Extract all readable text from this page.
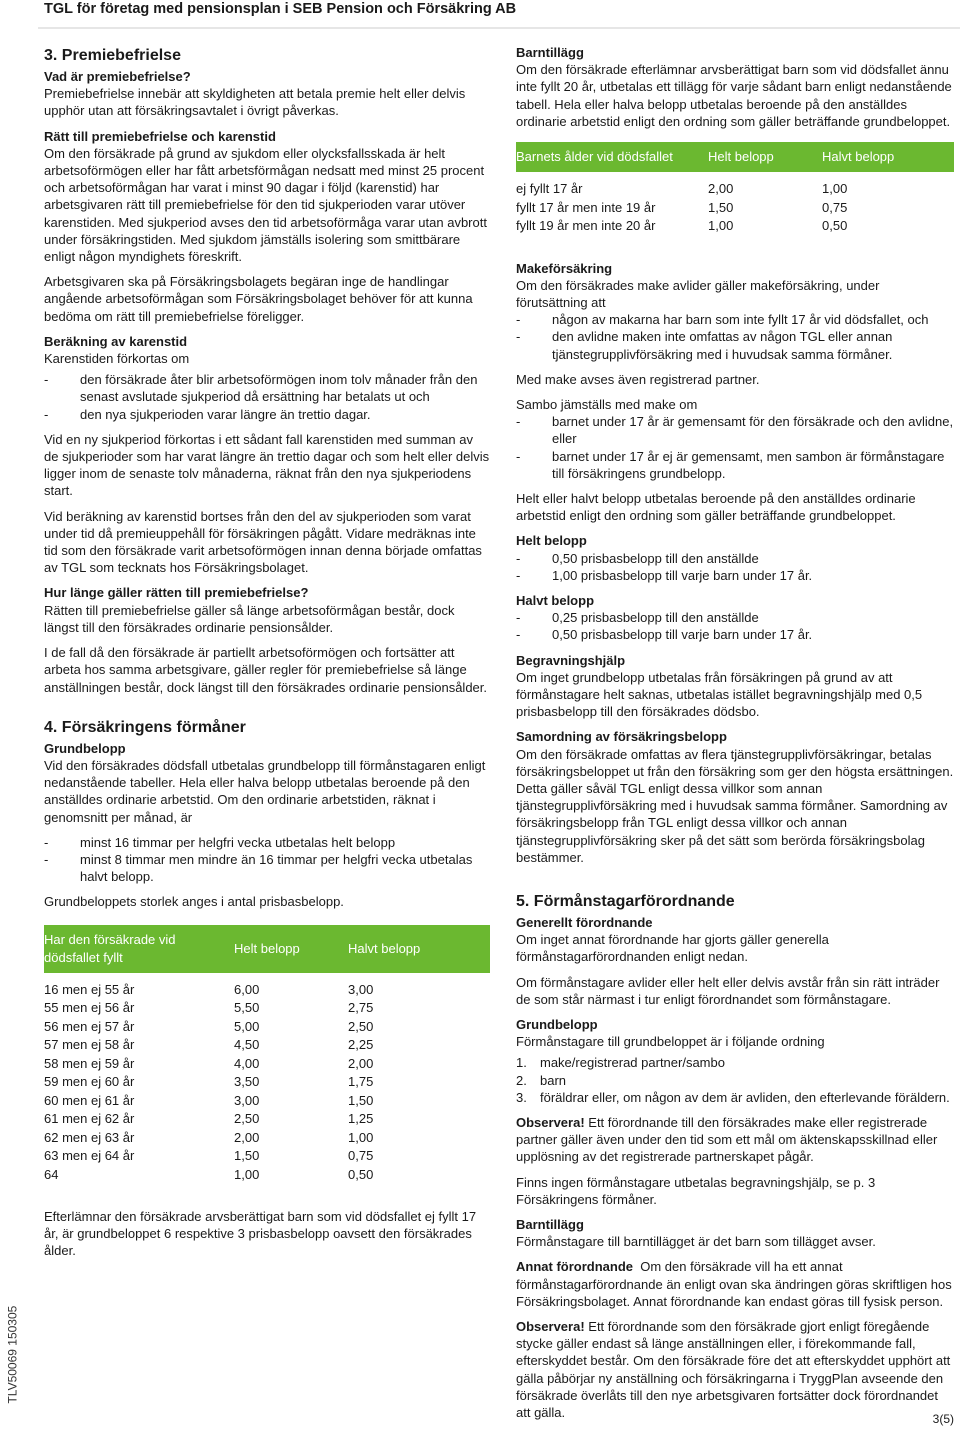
TGL för företag med pensionsplan i SEB Pension och Försäkring AB
3. Premiebefrielse
Vad är premiebefrielse?

Premiebefrielse innebär att skyldigheten att betala premie helt eller delvis upphör utan att försäkringsavtalet i övrigt påverkas.

Rätt till premiebefrielse och karenstid

Om den försäkrade på grund av sjukdom eller olycksfallsskada är helt arbetsoförmögen eller har fått arbetsförmågan nedsatt med minst 25 procent och arbetsoförmågan har varat i minst 90 dagar i följd (karenstid) har arbetsgivaren rätt till premiebefrielse för den tid sjukperioden varar utöver karenstiden. Med sjukperiod avses den tid arbetsoförmåga varar utan avbrott under försäkringstiden. Med sjukdom jämställs isolering som smittbärare enligt någon myndighets föreskrift.

Arbetsgivaren ska på Försäkringsbolagets begäran inge de handlingar angående arbetsoförmågan som Försäkringsbolaget behöver för att kunna bedöma om rätt till premiebefrielse föreligger.

Beräkning av karenstid

Karenstiden förkortas om

- den försäkrade åter blir arbetsoförmögen inom tolv månader från den senast avslutade sjukperiod då ersättning har betalats ut och
- den nya sjukperioden varar längre än trettio dagar.

Vid en ny sjukperiod förkortas i ett sådant fall karenstiden med summan av de sjukperioder som har varat längre än trettio dagar och som helt eller delvis ligger inom de senaste tolv månaderna, räknat från den nya sjukperiodens start.

Vid beräkning av karenstid bortses från den del av sjukperioden som varat under tid då premieuppehåll för försäkringen pågått. Vidare medräknas inte tid som den försäkrade varit arbetsoförmögen innan denna började omfattas av TGL som tecknats hos Försäkringsbolaget.

Hur länge gäller rätten till premiebefrielse?

Rätten till premiebefrielse gäller så länge arbetsoförmågan består, dock längst till den försäkrades ordinarie pensionsålder.

I de fall då den försäkrade är partiellt arbetsoförmögen och fortsätter att arbeta hos samma arbetsgivare, gäller regler för premiebefrielse så länge anställningen består, dock längst till den försäkrades ordinarie pensionsålder.

4. Försäkringens förmåner
Grundbelopp

Vid den försäkrades dödsfall utbetalas grundbelopp till förmånstagaren enligt nedanstående tabeller. Hela eller halva belopp utbetalas beroende på den anställdes ordinarie arbetstid. Om den ordinarie arbetstiden, räknat i genomsnitt per månad, är

- minst 16 timmar per helgfri vecka utbetalas helt belopp
- minst 8 timmar men mindre än 16 timmar per helgfri vecka utbetalas halvt belopp.

Grundbeloppets storlek anges i antal prisbasbelopp.

Har den försäkrade vid dödsfallet fyllt	Helt belopp	Halvt belopp
16 men ej 55 år	6,00	3,00
55 men ej 56 år	5,50	2,75
56 men ej 57 år	5,00	2,50
57 men ej 58 år	4,50	2,25
58 men ej 59 år	4,00	2,00
59 men ej 60 år	3,50	1,75
60 men ej 61 år	3,00	1,50
61 men ej 62 år	2,50	1,25
62 men ej 63 år	2,00	1,00
63 men ej 64 år	1,50	0,75
64	1,00	0,50

Efterlämnar den försäkrade arvsberättigat barn som vid dödsfallet ej fyllt 17 år, är grundbeloppet 6 respektive 3 prisbasbelopp oavsett den försäkrades ålder.

Barntillägg

Om den försäkrade efterlämnar arvsberättigat barn som vid dödsfallet ännu inte fyllt 20 år, utbetalas ett tillägg för varje sådant barn enligt nedanstående tabell. Hela eller halva belopp utbetalas beroende på den anställdes ordinarie arbetstid enligt den ordning som gäller beträffande grundbeloppet.

Barnets ålder vid dödsfallet	Helt belopp	Halvt belopp
ej fyllt 17 år	2,00	1,00
fyllt 17 år men inte 19 år	1,50	0,75
fyllt 19 år men inte 20 år	1,00	0,50
Makeförsäkring

Om den försäkrades make avlider gäller makeförsäkring, under förutsättning att

- någon av makarna har barn som inte fyllt 17 år vid dödsfallet, och
- den avlidne maken inte omfattas av någon TGL eller annan tjänstegrupplivförsäkring med i huvudsak samma förmåner.

Med make avses även registrerad partner.

Sambo jämställs med make om

- barnet under 17 år är gemensamt för den försäkrade och den avlidne, eller
- barnet under 17 år ej är gemensamt, men sambon är förmånstagare till försäkringens grundbelopp.

Helt eller halvt belopp utbetalas beroende på den anställdes ordinarie arbetstid enligt den ordning som gäller beträffande grundbeloppet.

Helt belopp
- 0,50 prisbasbelopp till den anställde
- 1,00 prisbasbelopp till varje barn under 17 år.
Halvt belopp
- 0,25 prisbasbelopp till den anställde
- 0,50 prisbasbelopp till varje barn under 17 år.
Begravningshjälp

Om inget grundbelopp utbetalas från försäkringen på grund av att förmånstagare helt saknas, utbetalas istället begravningshjälp med 0,5 prisbasbelopp till den försäkrades dödsbo.

Samordning av försäkringsbelopp

Om den försäkrade omfattas av flera tjänstegrupplivförsäkringar, betalas försäkringsbeloppet ut från den försäkring som ger den högsta ersättningen. Detta gäller såväl TGL enligt dessa villkor som annan tjänstegrupplivförsäkring med i huvudsak samma förmåner. Samordning av försäkringsbelopp från TGL enligt dessa villkor och annan tjänstegrupplivförsäkring sker på det sätt som berörda försäkringsbolag bestämmer.

5. Förmånstagarförordnande
Generellt förordnande

Om inget annat förordnande har gjorts gäller generella förmånstagarförordnanden enligt nedan.

Om förmånstagare avlider eller helt eller delvis avstår från sin rätt inträder de som står närmast i tur enligt förordnandet som förmånstagare.

Grundbelopp

Förmånstagare till grundbeloppet är i följande ordning

1. make/registrerad partner/sambo
2. barn
3. föräldrar eller, om någon av dem är avliden, den efterlevande föräldern.

Observera! Ett förordnande till den försäkrades make eller registrerade partner gäller även under den tid som ett mål om äktenskapsskillnad eller upplösning av det registrerade partnerskapet pågår.

Finns ingen förmånstagare utbetalas begravningshjälp, se p. 3 Försäkringens förmåner.

Barntillägg

Förmånstagare till barntillägget är det barn som tillägget avser.

Annat förordnande Om den försäkrade vill ha ett annat förmånstagarförordnande än enligt ovan ska ändringen göras skriftligen hos Försäkringsbolaget. Annat förordnande kan endast göras till fysisk person.

Observera! Ett förordnande som den försäkrade gjort enligt föregående stycke gäller endast så länge anställningen eller, i förekommande fall, efterskyddet består. Om den försäkrade före det att efterskyddet upphört att gälla påbörjar ny anställning och försäkringarna i TryggPlan avseende den försäkrade överlåts till den nye arbetsgivaren fortsätter dock förordnandet att gälla.

TLV50069 150305
3(5)
